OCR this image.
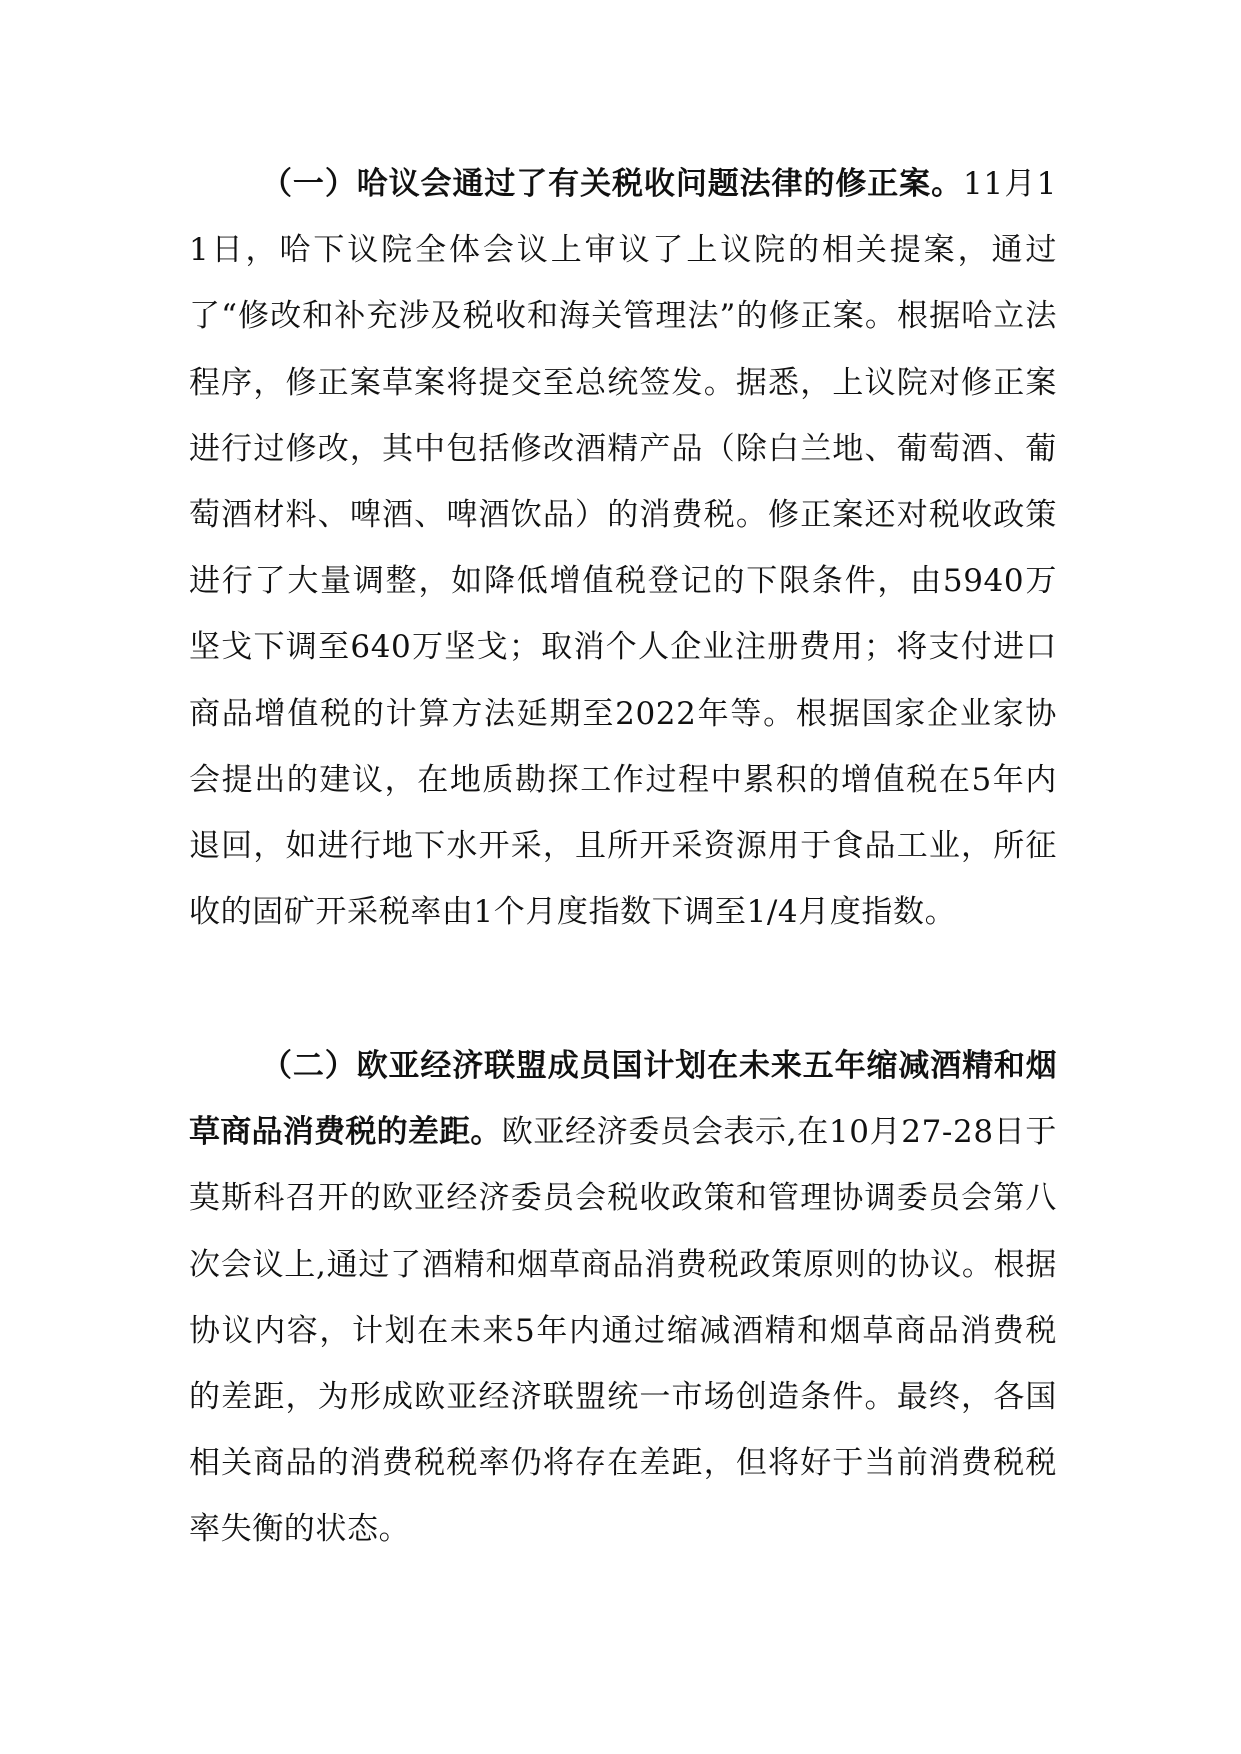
（一）哈议会通过了有关税收问题法律的修正案。11月11日，哈下议院全体会议上审议了上议院的相关提案，通过了“修改和补充涉及税收和海关管理法”的修正案。根据哈立法程序，修正案草案将提交至总统签发。据悉，上议院对修正案进行过修改，其中包括修改酒精产品（除白兰地、葡萄酒、葡萄酒材料、啤酒、啤酒饮品）的消费税。修正案还对税收政策进行了大量调整，如降低增值税登记的下限条件，由5940万坚戈下调至640万坚戈；取消个人企业注册费用；将支付进口商品增值税的计算方法延期至2022年等。根据国家企业家协会提出的建议，在地质勘探工作过程中累积的增值税在5年内退回，如进行地下水开采，且所开采资源用于食品工业，所征收的固矿开采税率由1个月度指数下调至1/4月度指数。

（二）欧亚经济联盟成员国计划在未来五年缩减酒精和烟草商品消费税的差距。欧亚经济委员会表示,在10月27-28日于莫斯科召开的欧亚经济委员会税收政策和管理协调委员会第八次会议上,通过了酒精和烟草商品消费税政策原则的协议。根据协议内容，计划在未来5年内通过缩减酒精和烟草商品消费税的差距，为形成欧亚经济联盟统一市场创造条件。最终，各国相关商品的消费税税率仍将存在差距，但将好于当前消费税税率失衡的状态。
